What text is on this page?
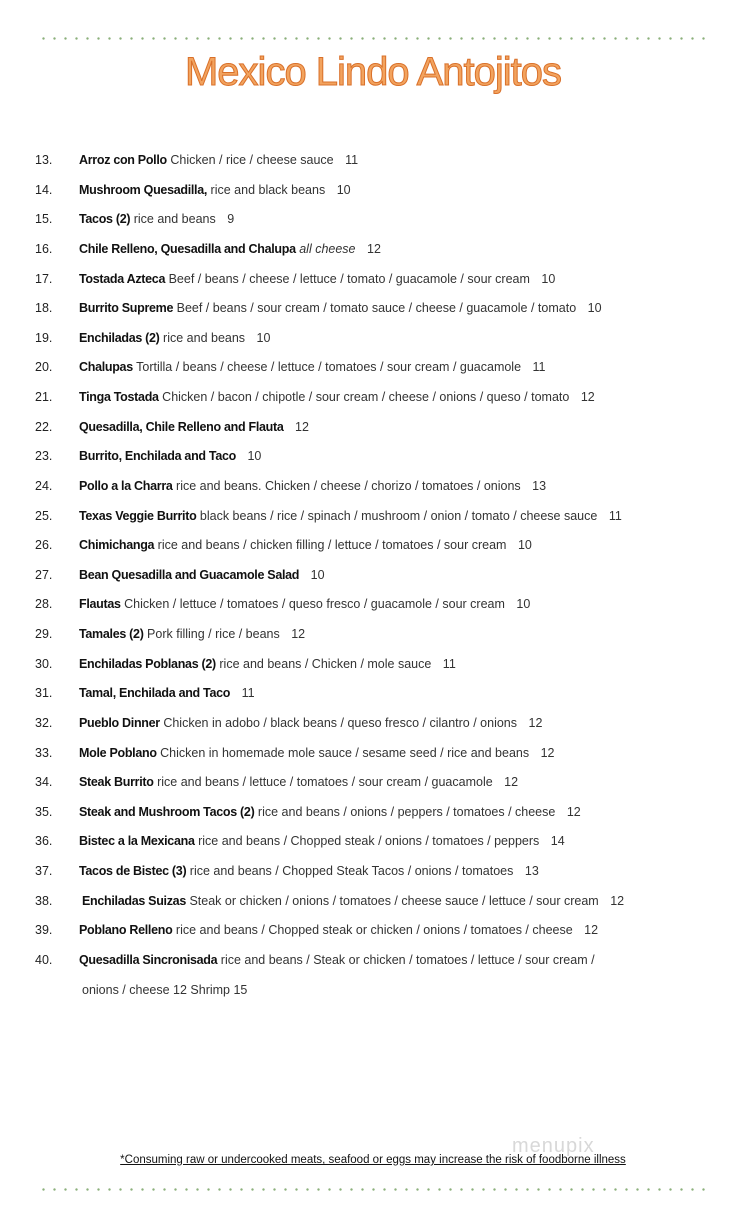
Mexico Lindo Antojitos
13. Arroz con Pollo Chicken / rice / cheese sauce 11
14. Mushroom Quesadilla, rice and black beans 10
15. Tacos (2) rice and beans 9
16. Chile Relleno, Quesadilla and Chalupa all cheese 12
17. Tostada Azteca Beef / beans / cheese / lettuce / tomato / guacamole / sour cream 10
18. Burrito Supreme Beef / beans / sour cream / tomato sauce / cheese / guacamole / tomato 10
19. Enchiladas (2) rice and beans 10
20. Chalupas Tortilla / beans / cheese / lettuce / tomatoes / sour cream / guacamole 11
21. Tinga Tostada Chicken / bacon / chipotle / sour cream / cheese / onions / queso / tomato 12
22. Quesadilla, Chile Relleno and Flauta 12
23. Burrito, Enchilada and Taco 10
24. Pollo a la Charra rice and beans. Chicken / cheese / chorizo / tomatoes / onions 13
25. Texas Veggie Burrito black beans / rice / spinach / mushroom / onion / tomato / cheese sauce 11
26. Chimichanga rice and beans / chicken filling / lettuce / tomatoes / sour cream 10
27. Bean Quesadilla and Guacamole Salad 10
28. Flautas Chicken / lettuce / tomatoes / queso fresco / guacamole / sour cream 10
29. Tamales (2) Pork filling / rice / beans 12
30. Enchiladas Poblanas (2) rice and beans / Chicken / mole sauce 11
31. Tamal, Enchilada and Taco 11
32. Pueblo Dinner Chicken in adobo / black beans / queso fresco / cilantro / onions 12
33. Mole Poblano Chicken in homemade mole sauce / sesame seed / rice and beans 12
34. Steak Burrito rice and beans / lettuce / tomatoes / sour cream / guacamole 12
35. Steak and Mushroom Tacos (2) rice and beans / onions / peppers / tomatoes / cheese 12
36. Bistec a la Mexicana rice and beans / Chopped steak / onions / tomatoes / peppers 14
37. Tacos de Bistec (3) rice and beans / Chopped Steak Tacos / onions / tomatoes 13
38. Enchiladas Suizas Steak or chicken / onions / tomatoes / cheese sauce / lettuce / sour cream 12
39. Poblano Relleno rice and beans / Chopped steak or chicken / onions / tomatoes / cheese 12
40. Quesadilla Sincronisada rice and beans / Steak or chicken / tomatoes / lettuce / sour cream /
onions / cheese 12 Shrimp 15
menupix
*Consuming raw or undercooked meats, seafood or eggs may increase the risk of foodborne illness
